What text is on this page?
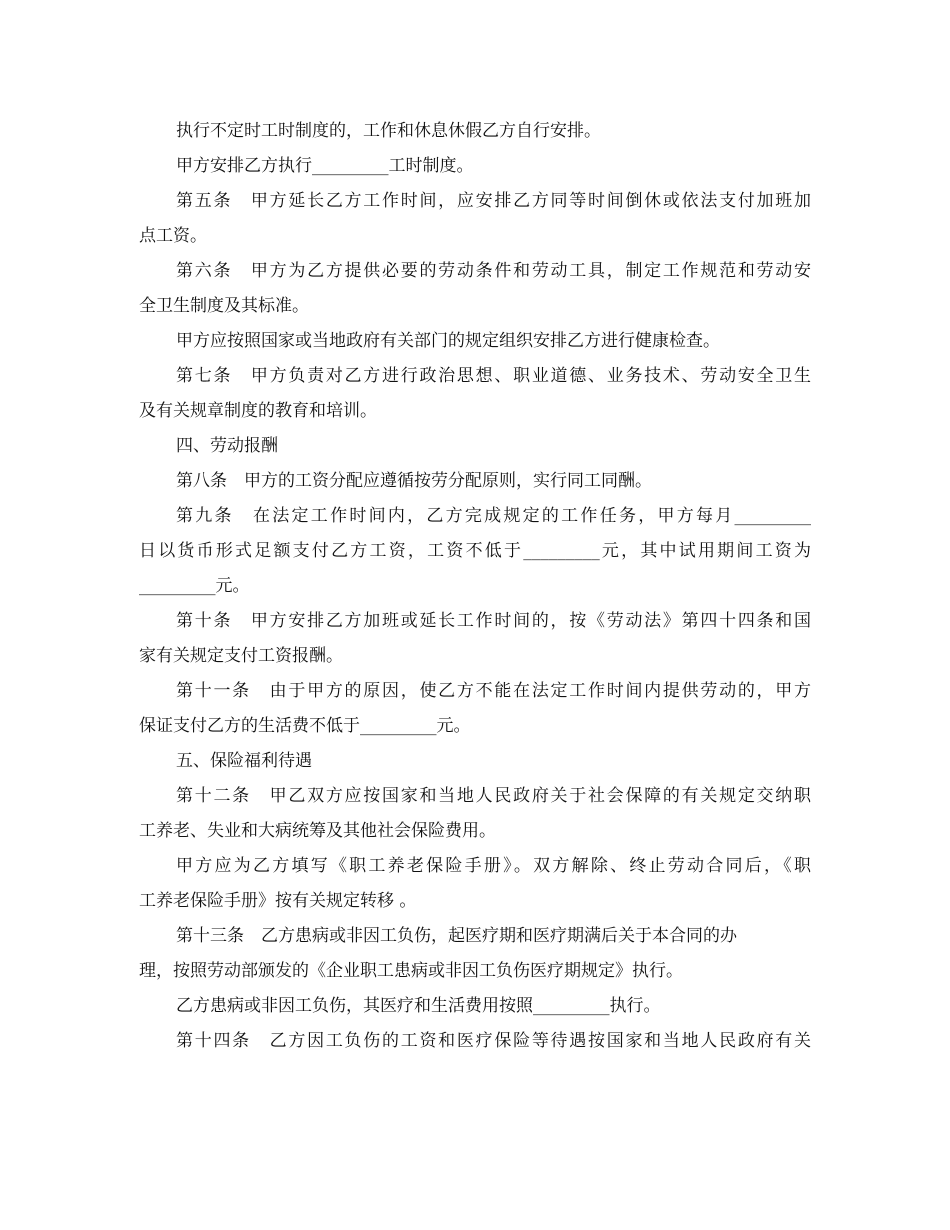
执行不定时工时制度的，工作和休息休假乙方自行安排。
甲方安排乙方执行_________工时制度。
第五条　甲方延长乙方工作时间，应安排乙方同等时间倒休或依法支付加班加
点工资。
第六条　甲方为乙方提供必要的劳动条件和劳动工具，制定工作规范和劳动安
全卫生制度及其标准。
甲方应按照国家或当地政府有关部门的规定组织安排乙方进行健康检查。
第七条　甲方负责对乙方进行政治思想、职业道德、业务技术、劳动安全卫生
及有关规章制度的教育和培训。
四、劳动报酬
第八条　甲方的工资分配应遵循按劳分配原则，实行同工同酬。
第九条　在法定工作时间内，乙方完成规定的工作任务，甲方每月_________
日以货币形式足额支付乙方工资，工资不低于_________元，其中试用期间工资为
_________元。
第十条　甲方安排乙方加班或延长工作时间的，按《劳动法》第四十四条和国
家有关规定支付工资报酬。
第十一条　由于甲方的原因，使乙方不能在法定工作时间内提供劳动的，甲方
保证支付乙方的生活费不低于_________元。
五、保险福利待遇
第十二条　甲乙双方应按国家和当地人民政府关于社会保障的有关规定交纳职
工养老、失业和大病统筹及其他社会保险费用。
甲方应为乙方填写《职工养老保险手册》。双方解除、终止劳动合同后，《职
工养老保险手册》按有关规定转移 。
第十三条　乙方患病或非因工负伤，起医疗期和医疗期满后关于本合同的办
理，按照劳动部颁发的《企业职工患病或非因工负伤医疗期规定》执行。
乙方患病或非因工负伤，其医疗和生活费用按照_________执行。
第十四条　乙方因工负伤的工资和医疗保险等待遇按国家和当地人民政府有关
